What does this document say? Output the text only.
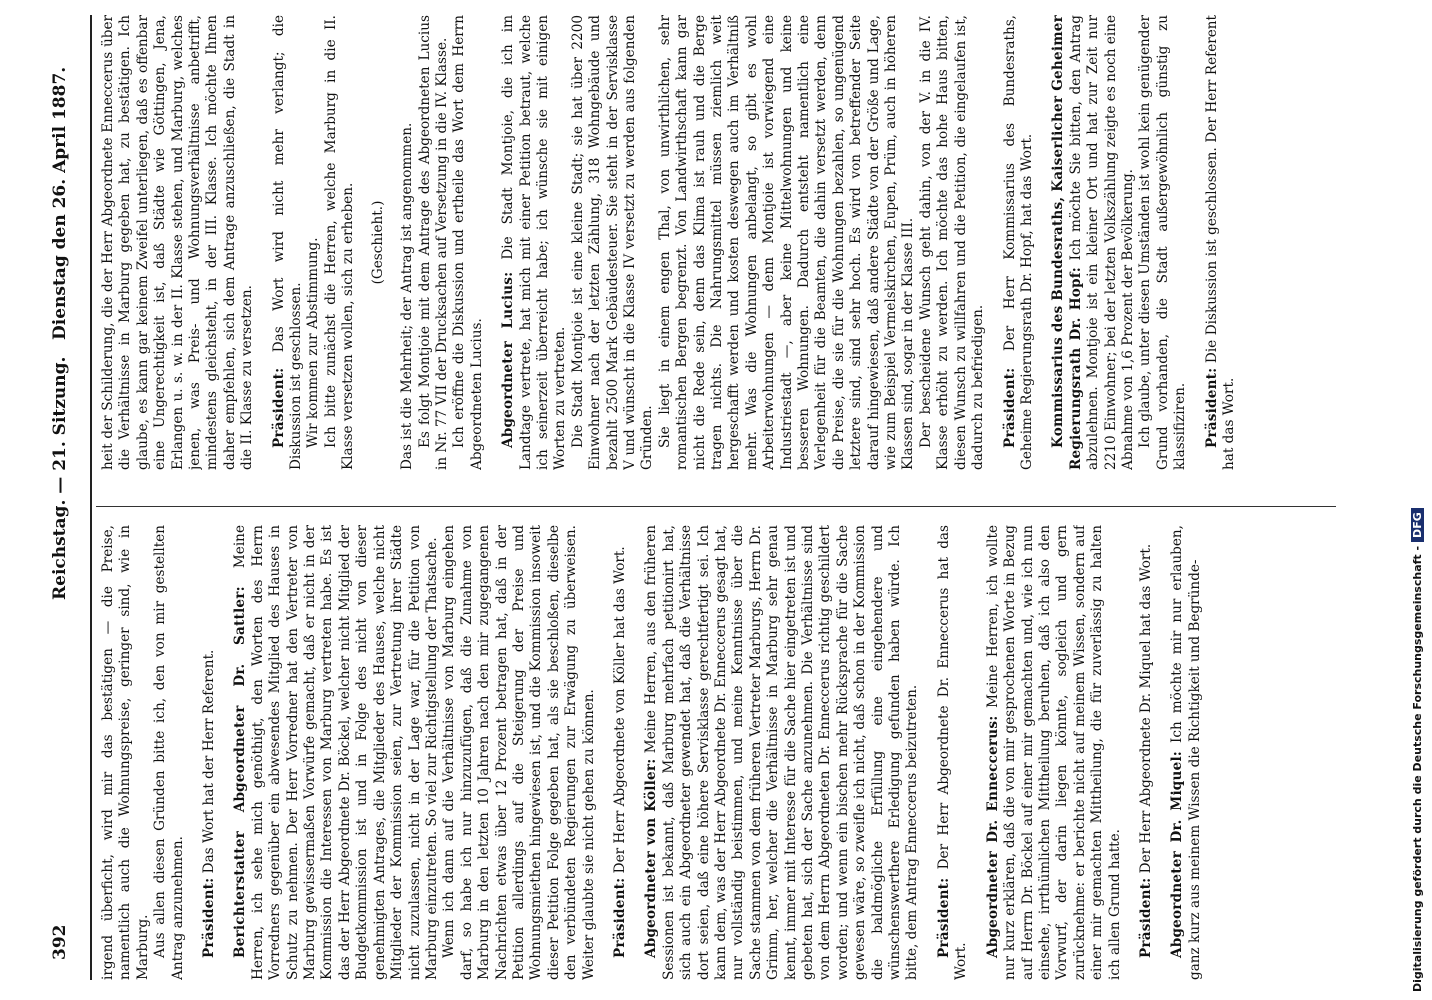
392
Reichstag. — 21. Sitzung.
Dienstag den 26. April 1887.

irgend überficht, wird mir das bestätigen — die Preise, namentlich auch die Wohnungspreise, geringer sind, wie in Marburg. Aus allen diesen Gründen bitte ich, den von mir gestellten Antrag anzunehmen. Präsident: Das Wort hat der Herr Referent. Berichterstatter Abgeordneter Dr. Sattler: Meine Herren, ich sehe mich genöthigt, den Worten des Herrn Vorredners gegenüber ein abwesendes Mitglied des Hauses in Schutz zu nehmen. Der Herr Vorredner hat den Vertreter von Marburg gewissermaßen Vorwürfe gemacht, daß er nicht in der Kommission die Interessen von Marburg vertreten habe. Es ist das der Herr Abgeordnete Dr. Böckel, welcher nicht Mitglied der Budgetkommission ist und in Folge des nicht von dieser genehmigten Antrages, die Mitglieder des Hauses, welche nicht Mitglieder der Kommission seien, zur Vertretung ihrer Städte nicht zuzulassen, nicht in der Lage war, für die Petition von Marburg einzutreten. So viel zur Richtigstellung der Thatsache. Wenn ich dann auf die Verhältnisse von Marburg eingehen darf, so habe ich nur hinzuzufügen, daß die Zunahme von Marburg in den letzten 10 Jahren nach den mir zugegangenen Nachrichten etwas über 12 Prozent betragen hat, daß in der Petition allerdings auf die Steigerung der Preise und Wohnungsmiethen hingewiesen ist, und die Kommission insoweit dieser Petition Folge gegeben hat, als sie beschloßen, dieselbe den verbündeten Regierungen zur Erwägung zu überweisen. Weiter glaubte sie nicht gehen zu können. Präsident: Der Herr Abgeordnete von Köller hat das Wort. Abgeordneter von Köller: Meine Herren, aus den früheren Sessionen ist bekannt, daß Marburg mehrfach petitionirt hat, sich auch ein Abgeordneter gewendet hat, daß die Verhältnisse dort seien, daß eine höhere Servisklasse gerechtfertigt sei. Ich kann dem, was der Herr Abgeordnete Dr. Enneccerus gesagt hat, nur vollständig beistimmen, und meine Kenntnisse über die Sache stammen von dem früheren Vertreter Marburgs, Herrn Dr. Grimm, her, welcher die Verhältnisse in Marburg sehr genau kennt, immer mit Interesse für die Sache hier eingetreten ist und gebeten hat, sich der Sache anzunehmen. Die Verhältnisse sind von dem Herrn Abgeordneten Dr. Enneccerus richtig geschildert worden; und wenn ein bischen mehr Rücksprache für die Sache gewesen wäre, so zweifle ich nicht, daß schon in der Kommission die baldmögliche Erfüllung eine eingehendere und wünschenswerthere Erledigung gefunden haben würde. Ich bitte, dem Antrag Enneccerus beizutreten. Präsident: Der Herr Abgeordnete Dr. Enneccerus hat das Wort.

Abgeordneter Dr. Enneccerus: Meine Herren, ich wollte nur kurz erklären, daß die von mir gesprochenen Worte in Bezug auf Herrn Dr. Böckel auf einer mir gemachten und, wie ich nun einsehe, irrthümlichen Mittheilung beruhen, daß ich also den Vorwurf, der darin liegen könnte, sogleich und gern zurücknehme: er berichte nicht auf meinem Wissen, sondern auf einer mir gemachten Mittheilung, die für zuverlässig zu halten ich allen Grund hatte. Präsident: Der Herr Abgeordnete Dr. Miquel hat das Wort. Abgeordneter Dr. Miquel: Ich möchte mir nur erlauben, ganz kurz aus meinem Wissen die Richtigkeit und Begründe-

heit der Schilderung, die der Herr Abgeordnete Enneccerus über die Verhältnisse in Marburg gegeben hat, zu bestätigen. Ich glaube, es kann gar keinem Zweifel unterliegen, daß es offenbar eine Ungerechtigkeit ist, daß Städte wie Göttingen, Jena, Erlangen u. s. w. in der II. Klasse stehen, und Marburg, welches jenen, was Preis- und Wohnungsverhältnisse anbetrifft, mindestens gleichsteht, in der III. Klasse. Ich möchte Ihnen daher empfehlen, sich dem Antrage anzuschließen, die Stadt in die II. Klasse zu versetzen. Präsident: Das Wort wird nicht mehr verlangt; die Diskussion ist geschlossen. Wir kommen zur Abstimmung. Ich bitte zunächst die Herren, welche Marburg in die II. Klasse versetzen wollen, sich zu erheben. (Geschieht.) Das ist die Mehrheit; der Antrag ist angenommen. Es folgt Montjoie mit dem Antrage des Abgeordneten Lucius in Nr. 77 VII der Drucksachen auf Versetzung in die IV. Klasse. Ich eröffne die Diskussion und ertheile das Wort dem Herrn Abgeordneten Lucius. Abgeordneter Lucius: Die Stadt Montjoie, die ich im Landtage vertrete, hat mich mit einer Petition betraut, welche ich seinerzeit überreicht habe; ich wünsche sie mit einigen Worten zu vertreten. Die Stadt Montjoie ist eine kleine Stadt; sie hat über 2200 Einwohner nach der letzten Zählung, 318 Wohngebäude und bezahlt 2500 Mark Gebäudesteuer. Sie steht in der Servisklasse V und wünscht in die Klasse IV versetzt zu werden aus folgenden Gründen. Sie liegt in einem engen Thal, von unwirthlichen, sehr romantischen Bergen begrenzt. Von Landwirthschaft kann gar nicht die Rede sein, denn das Klima ist rauh und die Berge tragen nichts. Die Nahrungsmittel müssen ziemlich weit hergeschafft werden und kosten deswegen auch im Verhältniß mehr. Was die Wohnungen anbelangt, so gibt es wohl Arbeiterwohnungen — denn Montjoie ist vorwiegend eine Industriestadt —, aber keine Mittelwohnungen und keine besseren Wohnungen. Dadurch entsteht namentlich eine Verlegenheit für die Beamten, die dahin versetzt werden, denn die Preise, die sie für die Wohnungen bezahlen, so ungenügend letztere sind, sind sehr hoch. Es wird von betreffender Seite darauf hingewiesen, daß andere Städte von der Größe und Lage, wie zum Beispiel Vermelskirchen, Eupen, Prüm, auch in höheren Klassen sind, sogar in der Klasse III. Der bescheidene Wunsch geht dahin, von der V. in die IV. Klasse erhöht zu werden. Ich möchte das hohe Haus bitten, diesen Wunsch zu willfahren und die Petition, die eingelaufen ist, dadurch zu befriedigen. Präsident: Der Herr Kommissarius des Bundesraths, Geheime Regierungsrath Dr. Hopf, hat das Wort. Kommissarius des Bundesraths, Kaiserlicher Geheimer Regierungsrath Dr. Hopf: Ich möchte Sie bitten, den Antrag abzulehnen. Montjoie ist ein kleiner Ort und hat zur Zeit nur 2210 Einwohner; bei der letzten Volkszählung zeigte es noch eine Abnahme von 1,6 Prozent der Bevölkerung. Ich glaube, unter diesen Umständen ist wohl kein genügender Grund vorhanden, die Stadt außergewöhnlich günstig zu klassifiziren. Präsident: Die Diskussion ist geschlossen. Der Herr Referent hat das Wort.

Digitalisierung gefördert durch die Deutsche Forschungsgemeinschaft -DFG
